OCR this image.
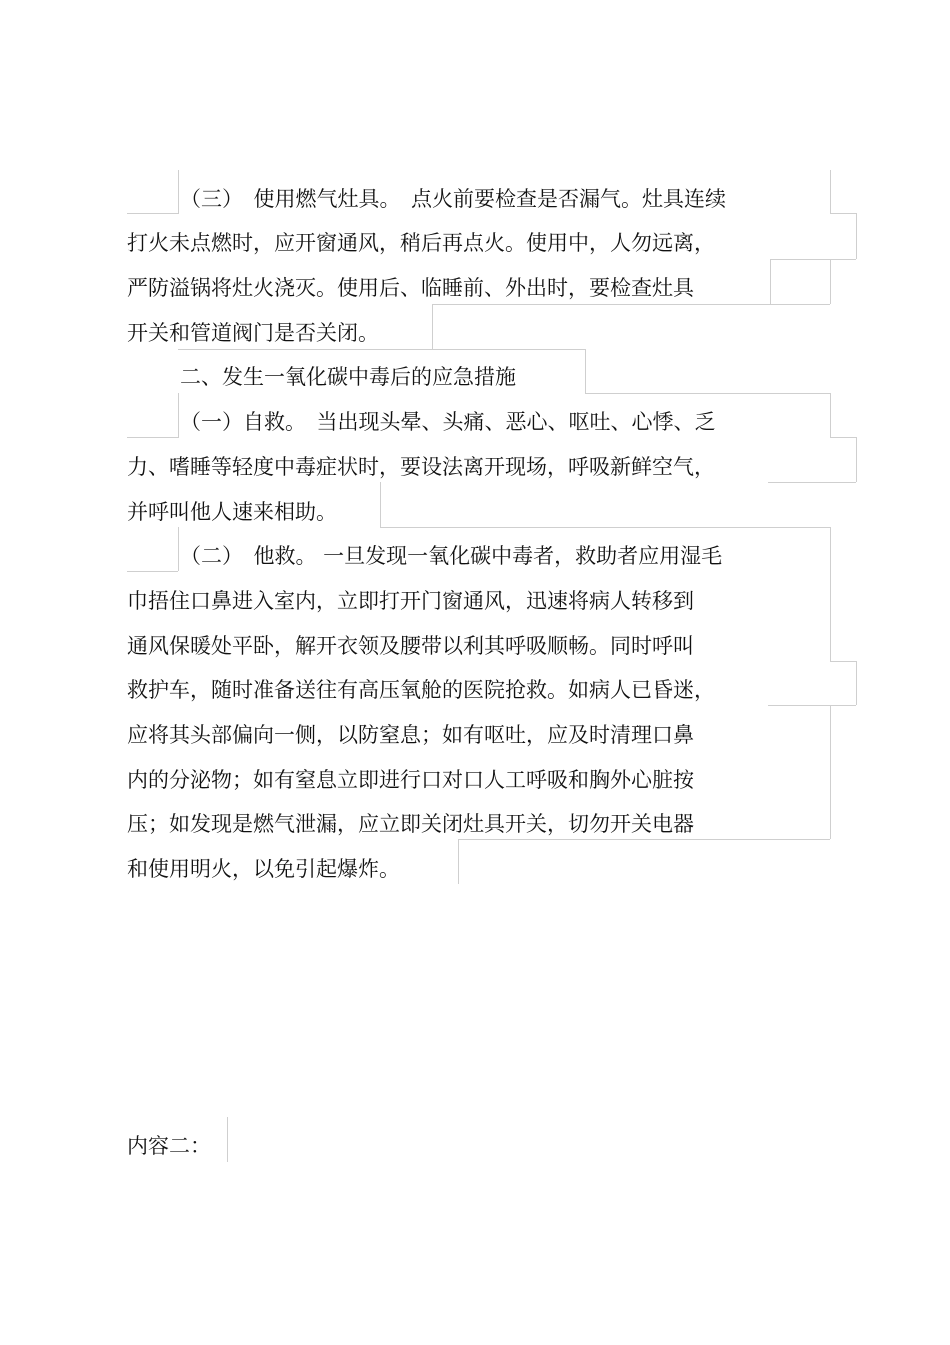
（三）　使用燃气灶具。　点火前要检查是否漏气。灶具连续
打火未点燃时，应开窗通风，稍后再点火。使用中，人勿远离，
严防溢锅将灶火浇灭。使用后、临睡前、外出时，要检查灶具
开关和管道阀门是否关闭。
二、发生一氧化碳中毒后的应急措施
（一）自救。　当出现头晕、头痛、恶心、呕吐、心悸、乏
力、嗜睡等轻度中毒症状时，要设法离开现场，呼吸新鲜空气，
并呼叫他人速来相助。
（二）　他救。 一旦发现一氧化碳中毒者，救助者应用湿毛
巾捂住口鼻进入室内，立即打开门窗通风，迅速将病人转移到
通风保暖处平卧，解开衣领及腰带以利其呼吸顺畅。同时呼叫
救护车，随时准备送往有高压氧舱的医院抢救。如病人已昏迷，
应将其头部偏向一侧，以防窒息；如有呕吐，应及时清理口鼻
内的分泌物；如有窒息立即进行口对口人工呼吸和胸外心脏按
压；如发现是燃气泄漏，应立即关闭灶具开关，切勿开关电器
和使用明火，以免引起爆炸。
内容二：
